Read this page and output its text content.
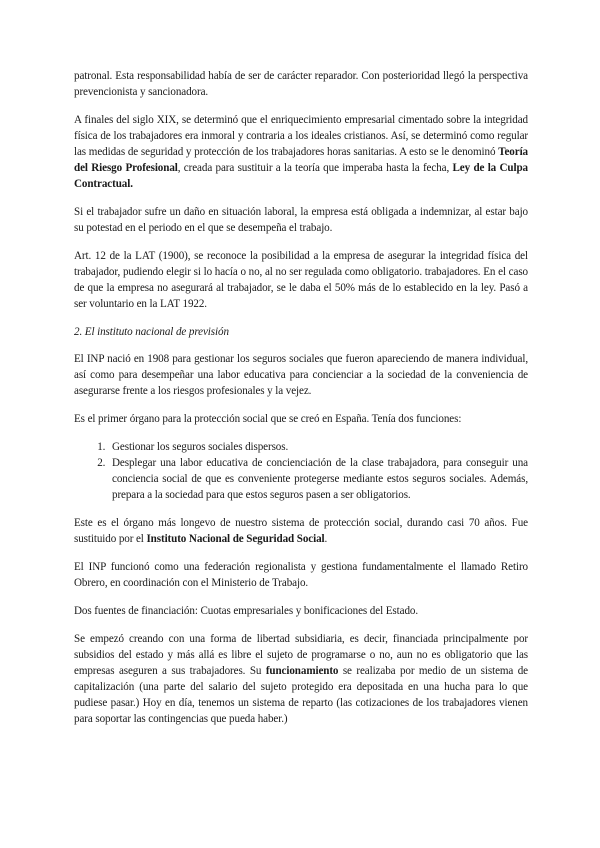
patronal. Esta responsabilidad había de ser de carácter reparador. Con posterioridad llegó la perspectiva prevencionista y sancionadora.

A finales del siglo XIX, se determinó que el enriquecimiento empresarial cimentado sobre la integridad física de los trabajadores era inmoral y contraria a los ideales cristianos. Así, se determinó como regular las medidas de seguridad y protección de los trabajadores horas sanitarias. A esto se le denominó Teoría del Riesgo Profesional, creada para sustituir a la teoría que imperaba hasta la fecha, Ley de la Culpa Contractual.

Si el trabajador sufre un daño en situación laboral, la empresa está obligada a indemnizar, al estar bajo su potestad en el periodo en el que se desempeña el trabajo.

Art. 12 de la LAT (1900), se reconoce la posibilidad a la empresa de asegurar la integridad física del trabajador, pudiendo elegir si lo hacía o no, al no ser regulada como obligatorio. trabajadores. En el caso de que la empresa no asegurará al trabajador, se le daba el 50% más de lo establecido en la ley. Pasó a ser voluntario en la LAT 1922.

2. El instituto nacional de previsión

El INP nació en 1908 para gestionar los seguros sociales que fueron apareciendo de manera individual, así como para desempeñar una labor educativa para concienciar a la sociedad de la conveniencia de asegurarse frente a los riesgos profesionales y la vejez.

Es el primer órgano para la protección social que se creó en España. Tenía dos funciones:

1. Gestionar los seguros sociales dispersos.
2. Desplegar una labor educativa de concienciación de la clase trabajadora, para conseguir una conciencia social de que es conveniente protegerse mediante estos seguros sociales. Además, prepara a la sociedad para que estos seguros pasen a ser obligatorios.

Este es el órgano más longevo de nuestro sistema de protección social, durando casi 70 años. Fue sustituido por el Instituto Nacional de Seguridad Social.

El INP funcionó como una federación regionalista y gestiona fundamentalmente el llamado Retiro Obrero, en coordinación con el Ministerio de Trabajo.

Dos fuentes de financiación: Cuotas empresariales y bonificaciones del Estado.

Se empezó creando con una forma de libertad subsidiaria, es decir, financiada principalmente por subsidios del estado y más allá es libre el sujeto de programarse o no, aun no es obligatorio que las empresas aseguren a sus trabajadores. Su funcionamiento se realizaba por medio de un sistema de capitalización (una parte del salario del sujeto protegido era depositada en una hucha para lo que pudiese pasar.) Hoy en día, tenemos un sistema de reparto (las cotizaciones de los trabajadores vienen para soportar las contingencias que pueda haber.)
